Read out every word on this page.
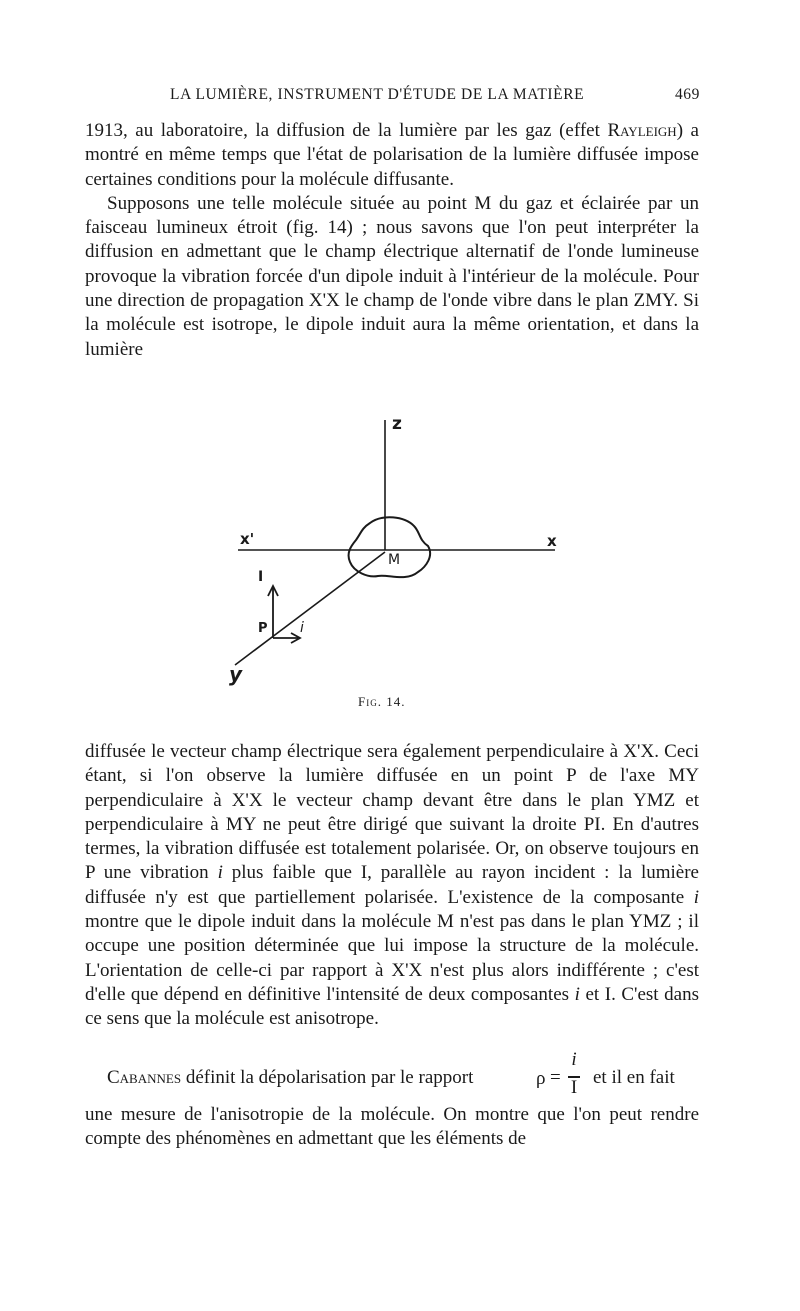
LA LUMIÈRE, INSTRUMENT D'ÉTUDE DE LA MATIÈRE	469

1913, au laboratoire, la diffusion de la lumière par les gaz (effet Rayleigh) a montré en même temps que l'état de polarisation de la lumière diffusée impose certaines conditions pour la molécule diffusante.

Supposons une telle molécule située au point M du gaz et éclairée par un faisceau lumineux étroit (fig. 14) ; nous savons que l'on peut interpréter la diffusion en admettant que le champ électrique alternatif de l'onde lumineuse provoque la vibration forcée d'un dipole induit à l'intérieur de la molécule. Pour une direction de propagation X'X le champ de l'onde vibre dans le plan ZMY. Si la molécule est isotrope, le dipole induit aura la même orientation, et dans la lumière

z
x'	x
M
I
P i
y
Fig. 14.

diffusée le vecteur champ électrique sera également perpendiculaire à X'X. Ceci étant, si l'on observe la lumière diffusée en un point P de l'axe MY perpendiculaire à X'X le vecteur champ devant être dans le plan YMZ et perpendiculaire à MY ne peut être dirigé que suivant la droite PI. En d'autres termes, la vibration diffusée est totalement polarisée. Or, on observe toujours en P une vibration i plus faible que I, parallèle au rayon incident : la lumière diffusée n'y est que partiellement polarisée. L'existence de la composante i montre que le dipole induit dans la molécule M n'est pas dans le plan YMZ ; il occupe une position déterminée que lui impose la structure de la molécule. L'orientation de celle-ci par rapport à X'X n'est plus alors indifférente ; c'est d'elle que dépend en définitive l'intensité de deux composantes i et I. C'est dans ce sens que la molécule est anisotrope.

Cabannes définit la dépolarisation par le rapport	ρ =
i
I et il en fait

une mesure de l'anisotropie de la molécule. On montre que l'on peut rendre compte des phénomènes en admettant que les éléments de
